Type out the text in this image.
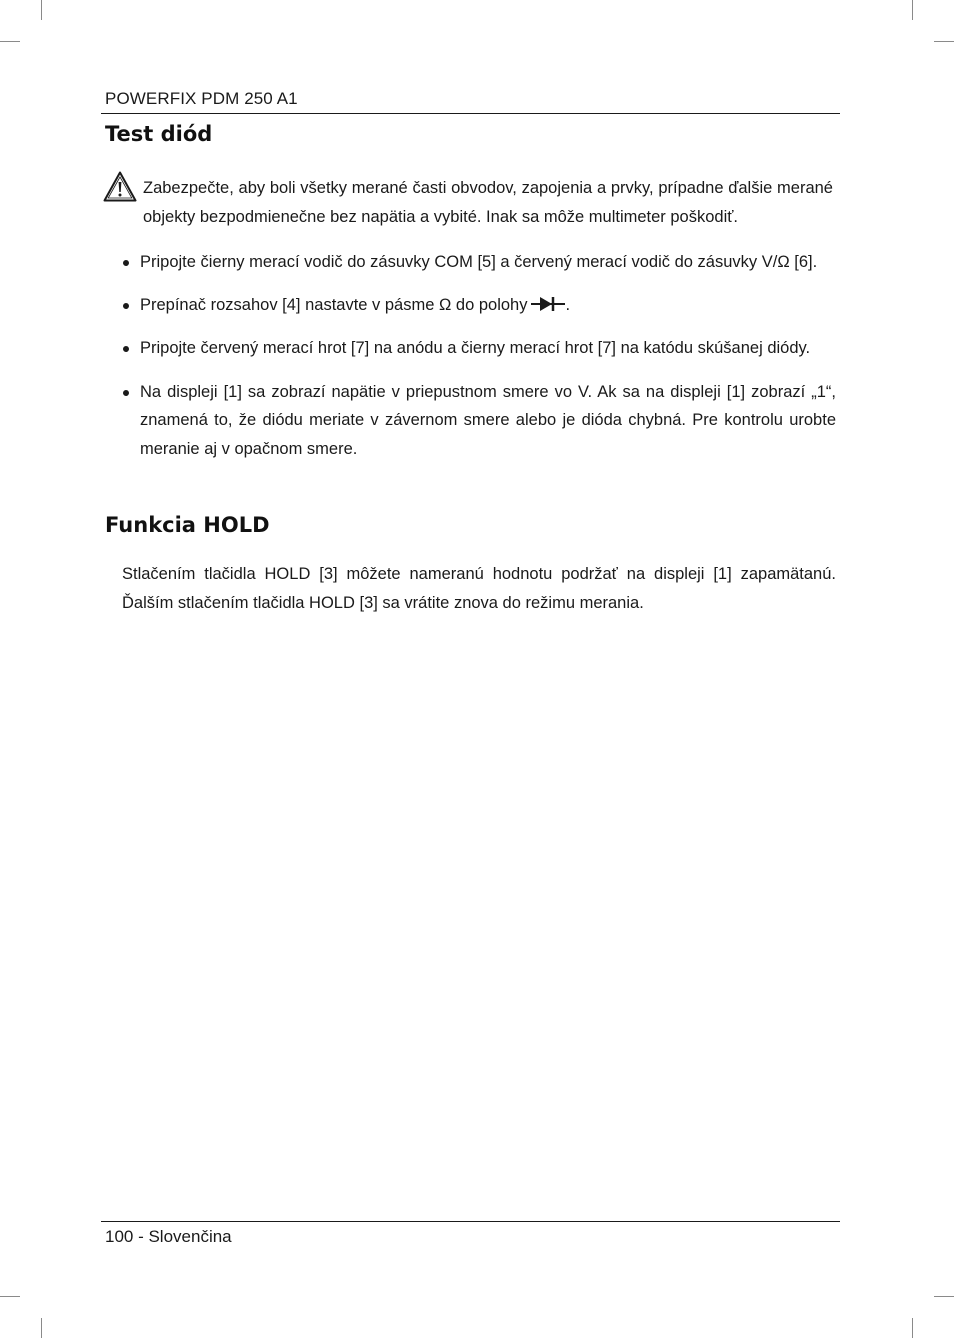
POWERFIX PDM 250 A1
Test diód
Zabezpečte, aby boli všetky merané časti obvodov, zapojenia a prvky, prípadne ďalšie merané objekty bezpodmienečne bez napätia a vybité. Inak sa môže multimeter poškodiť.
Pripojte čierny merací vodič do zásuvky COM [5] a červený merací vodič do zásuvky V/Ω [6].
Prepínač rozsahov [4] nastavte v pásme Ω do polohy .
Pripojte červený merací hrot [7] na anódu a čierny merací hrot [7] na katódu skúšanej diódy.
Na displeji [1] sa zobrazí napätie v priepustnom smere vo V. Ak sa na displeji [1] zobrazí „1“, znamená to, že diódu meriate v závernom smere alebo je dióda chybná. Pre kontrolu urobte meranie aj v opačnom smere.
Funkcia HOLD
Stlačením tlačidla HOLD [3] môžete nameranú hodnotu podržať na displeji [1] zapamätanú. Ďalším stlačením tlačidla HOLD [3] sa vrátite znova do režimu merania.
100 - Slovenčina
